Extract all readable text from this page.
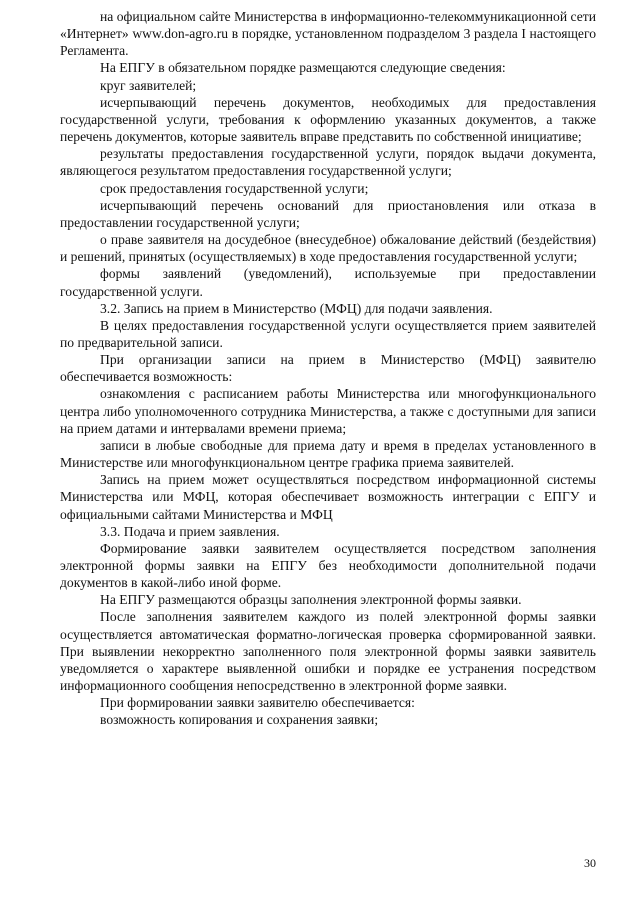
на официальном сайте Министерства в информационно-телекоммуникационной сети «Интернет» www.don-agro.ru в порядке, установленном подразделом 3 раздела I настоящего Регламента.

На ЕПГУ в обязательном порядке размещаются следующие сведения:

круг заявителей;

исчерпывающий перечень документов, необходимых для предоставления государственной услуги, требования к оформлению указанных документов, а также перечень документов, которые заявитель вправе представить по собственной инициативе;

результаты предоставления государственной услуги, порядок выдачи документа, являющегося результатом предоставления государственной услуги;

срок предоставления государственной услуги;

исчерпывающий перечень оснований для приостановления или отказа в предоставлении государственной услуги;

о праве заявителя на досудебное (внесудебное) обжалование действий (бездействия) и решений, принятых (осуществляемых) в ходе предоставления государственной услуги;

формы заявлений (уведомлений), используемые при предоставлении государственной услуги.

3.2. Запись на прием в Министерство (МФЦ) для подачи заявления.

В целях предоставления государственной услуги осуществляется прием заявителей по предварительной записи.

При организации записи на прием в Министерство (МФЦ) заявителю обеспечивается возможность:

ознакомления с расписанием работы Министерства или многофункционального центра либо уполномоченного сотрудника Министерства, а также с доступными для записи на прием датами и интервалами времени приема;

записи в любые свободные для приема дату и время в пределах установленного в Министерстве или многофункциональном центре графика приема заявителей.

Запись на прием может осуществляться посредством информационной системы Министерства или МФЦ, которая обеспечивает возможность интеграции с ЕПГУ и официальными сайтами Министерства и МФЦ

3.3. Подача и прием заявления.

Формирование заявки заявителем осуществляется посредством заполнения электронной формы заявки на ЕПГУ без необходимости дополнительной подачи документов в какой-либо иной форме.

На ЕПГУ размещаются образцы заполнения электронной формы заявки.

После заполнения заявителем каждого из полей электронной формы заявки осуществляется автоматическая форматно-логическая проверка сформированной заявки. При выявлении некорректно заполненного поля электронной формы заявки заявитель уведомляется о характере выявленной ошибки и порядке ее устранения посредством информационного сообщения непосредственно в электронной форме заявки.

При формировании заявки заявителю обеспечивается:

возможность копирования и сохранения заявки;

30
